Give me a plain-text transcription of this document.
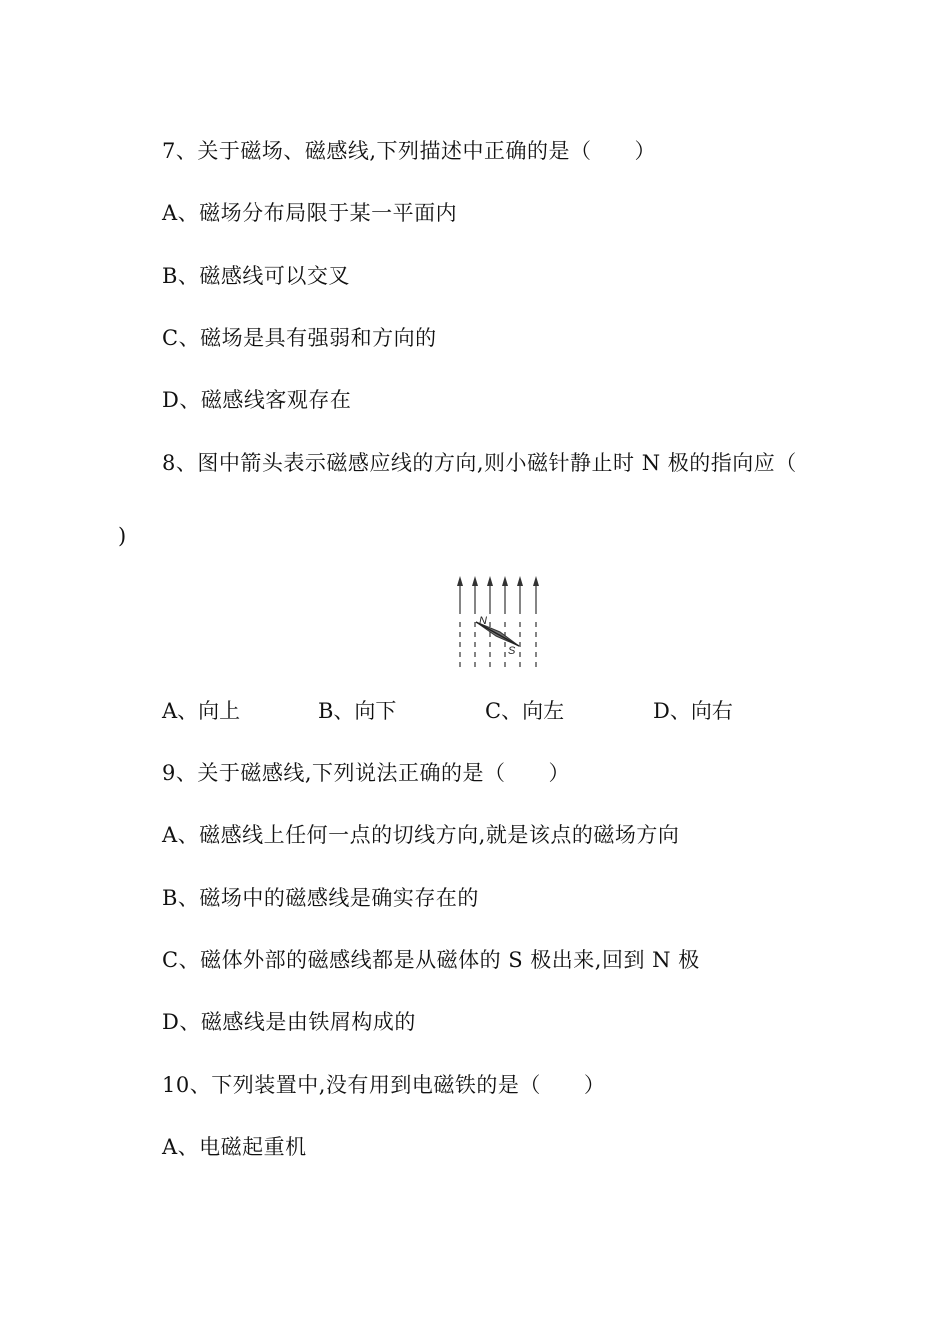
7、关于磁场、磁感线,下列描述中正确的是（　　）
A、磁场分布局限于某一平面内
B、磁感线可以交叉
C、磁场是具有强弱和方向的
D、磁感线客观存在
8、图中箭头表示磁感应线的方向,则小磁针静止时 N 极的指向应（
)
N
S
A、向上	B、向下	C、向左	D、向右
9、关于磁感线,下列说法正确的是（　　）
A、磁感线上任何一点的切线方向,就是该点的磁场方向
B、磁场中的磁感线是确实存在的
C、磁体外部的磁感线都是从磁体的 S 极出来,回到 N 极
D、磁感线是由铁屑构成的
10、下列装置中,没有用到电磁铁的是（　　）
A、电磁起重机
